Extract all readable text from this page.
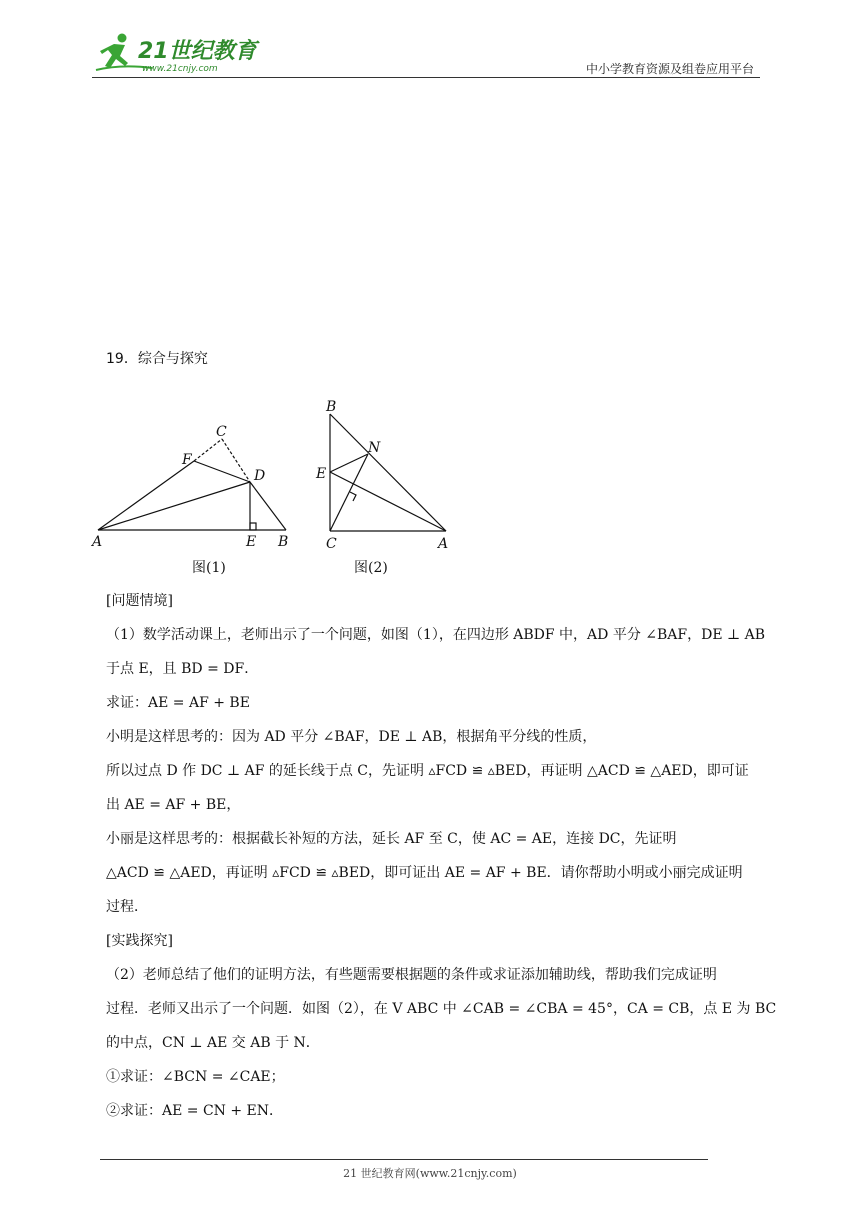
21世纪教育
www.21cnjy.com	中小学教育资源及组卷应用平台
19．综合与探究
A	E B
F
C
D
图(1)
B
N
E
C	A
图(2)
[问题情境]
（1）数学活动课上，老师出示了一个问题，如图（1），在四边形 ABDF 中，AD 平分 ∠BAF，DE ⊥ AB
于点 E，且 BD = DF．
求证：AE = AF + BE
小明是这样思考的：因为 AD 平分 ∠BAF，DE ⊥ AB，根据角平分线的性质，
所以过点 D 作 DC ⊥ AF 的延长线于点 C，先证明 ▵FCD ≌ ▵BED，再证明 △ACD ≌ △AED，即可证
出 AE = AF + BE，
小丽是这样思考的：根据截长补短的方法，延长 AF 至 C，使 AC = AE，连接 DC，先证明
△ACD ≌ △AED，再证明 ▵FCD ≌ ▵BED，即可证出 AE = AF + BE．请你帮助小明或小丽完成证明
过程．
[实践探究]
（2）老师总结了他们的证明方法，有些题需要根据题的条件或求证添加辅助线，帮助我们完成证明
过程．老师又出示了一个问题．如图（2），在 V ABC 中 ∠CAB = ∠CBA = 45°，CA = CB，点 E 为 BC
的中点，CN ⊥ AE 交 AB 于 N．
①求证：∠BCN = ∠CAE；
②求证：AE = CN + EN．
21 世纪教育网(www.21cnjy.com)
